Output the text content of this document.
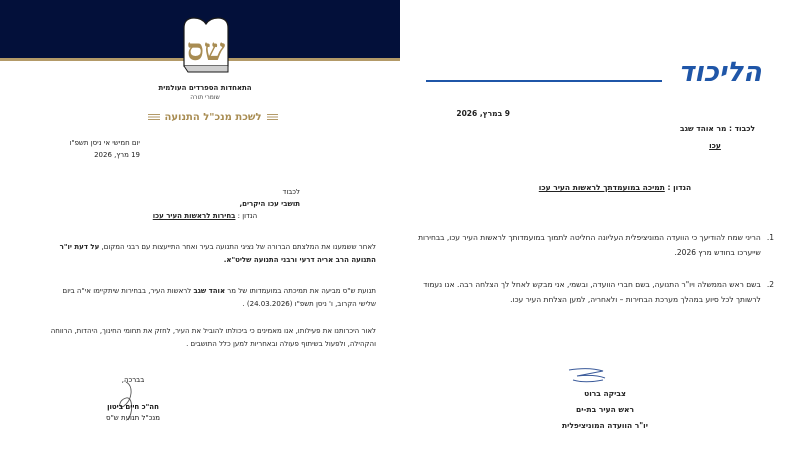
שס
התאחדות הספרדים העולמית
שומרי תורה
לשכת מנכ"ל התנועה
יום חמישי אי ניסן תשפ"ו
19 מרץ, 2026
לכבוד
תושבי עכו היקרים,
הנדון : בחירות לראשות העיר עכו
לאחר ששמענו את המלצתם הברורה של נציגי התנועה בעיר ואחר התייעצות עם רבני המקום, על דעת יו"ר התנועה הרב אריה דרעי ורבני התנועה שליט"א.
תנועת ש"ס מביעה את תמיכתה במועמדותו של מר אוהד שגב לראשות העיר, בבחירות שיתקיימו אי"ה ביום שלישי הקרוב, ו' ניסן תשפ"ו (24.03.2026) .
לאור היכרותנו את פעילותו, אנו מאמינים כי ביכולתו להוביל את העיר, לחזק את תחומי החינוך, היהדות, הרווחה והקהילה, ולפעול בשיתוף פעולה ובאחריות למען כלל התושבים .
בברכה,
חה"כ חיים ביטון
מנכ"ל תנועת ש"ס
הליכוד
9 במרץ, 2026
לכבוד : מר אוהד שגב
עכו
הנדון : תמיכה במועמדתך לראשות העיר עכו
1.
הריני שמח להודיעך כי הוועדה המוניציפלית העליונה החליטה לתמוך במועמדותך לראשות העיר עכו, בבחירות שייערכו בחודש מרץ 2026.
2.
בשם ראש הממשלה ויו"ר התנועה, בשם חברי הוועדה, ובשמי, אני מבקש לאחל לך הצלחה רבה. אנו נעמוד לרשותך לכל סיוע במהלך מערכת הבחירות – ולאחריה, למען הצלחת העיר עכו.
צביקה ברוט
ראש העיר בת-ים
יו"ר הוועדה המוניציפלית
